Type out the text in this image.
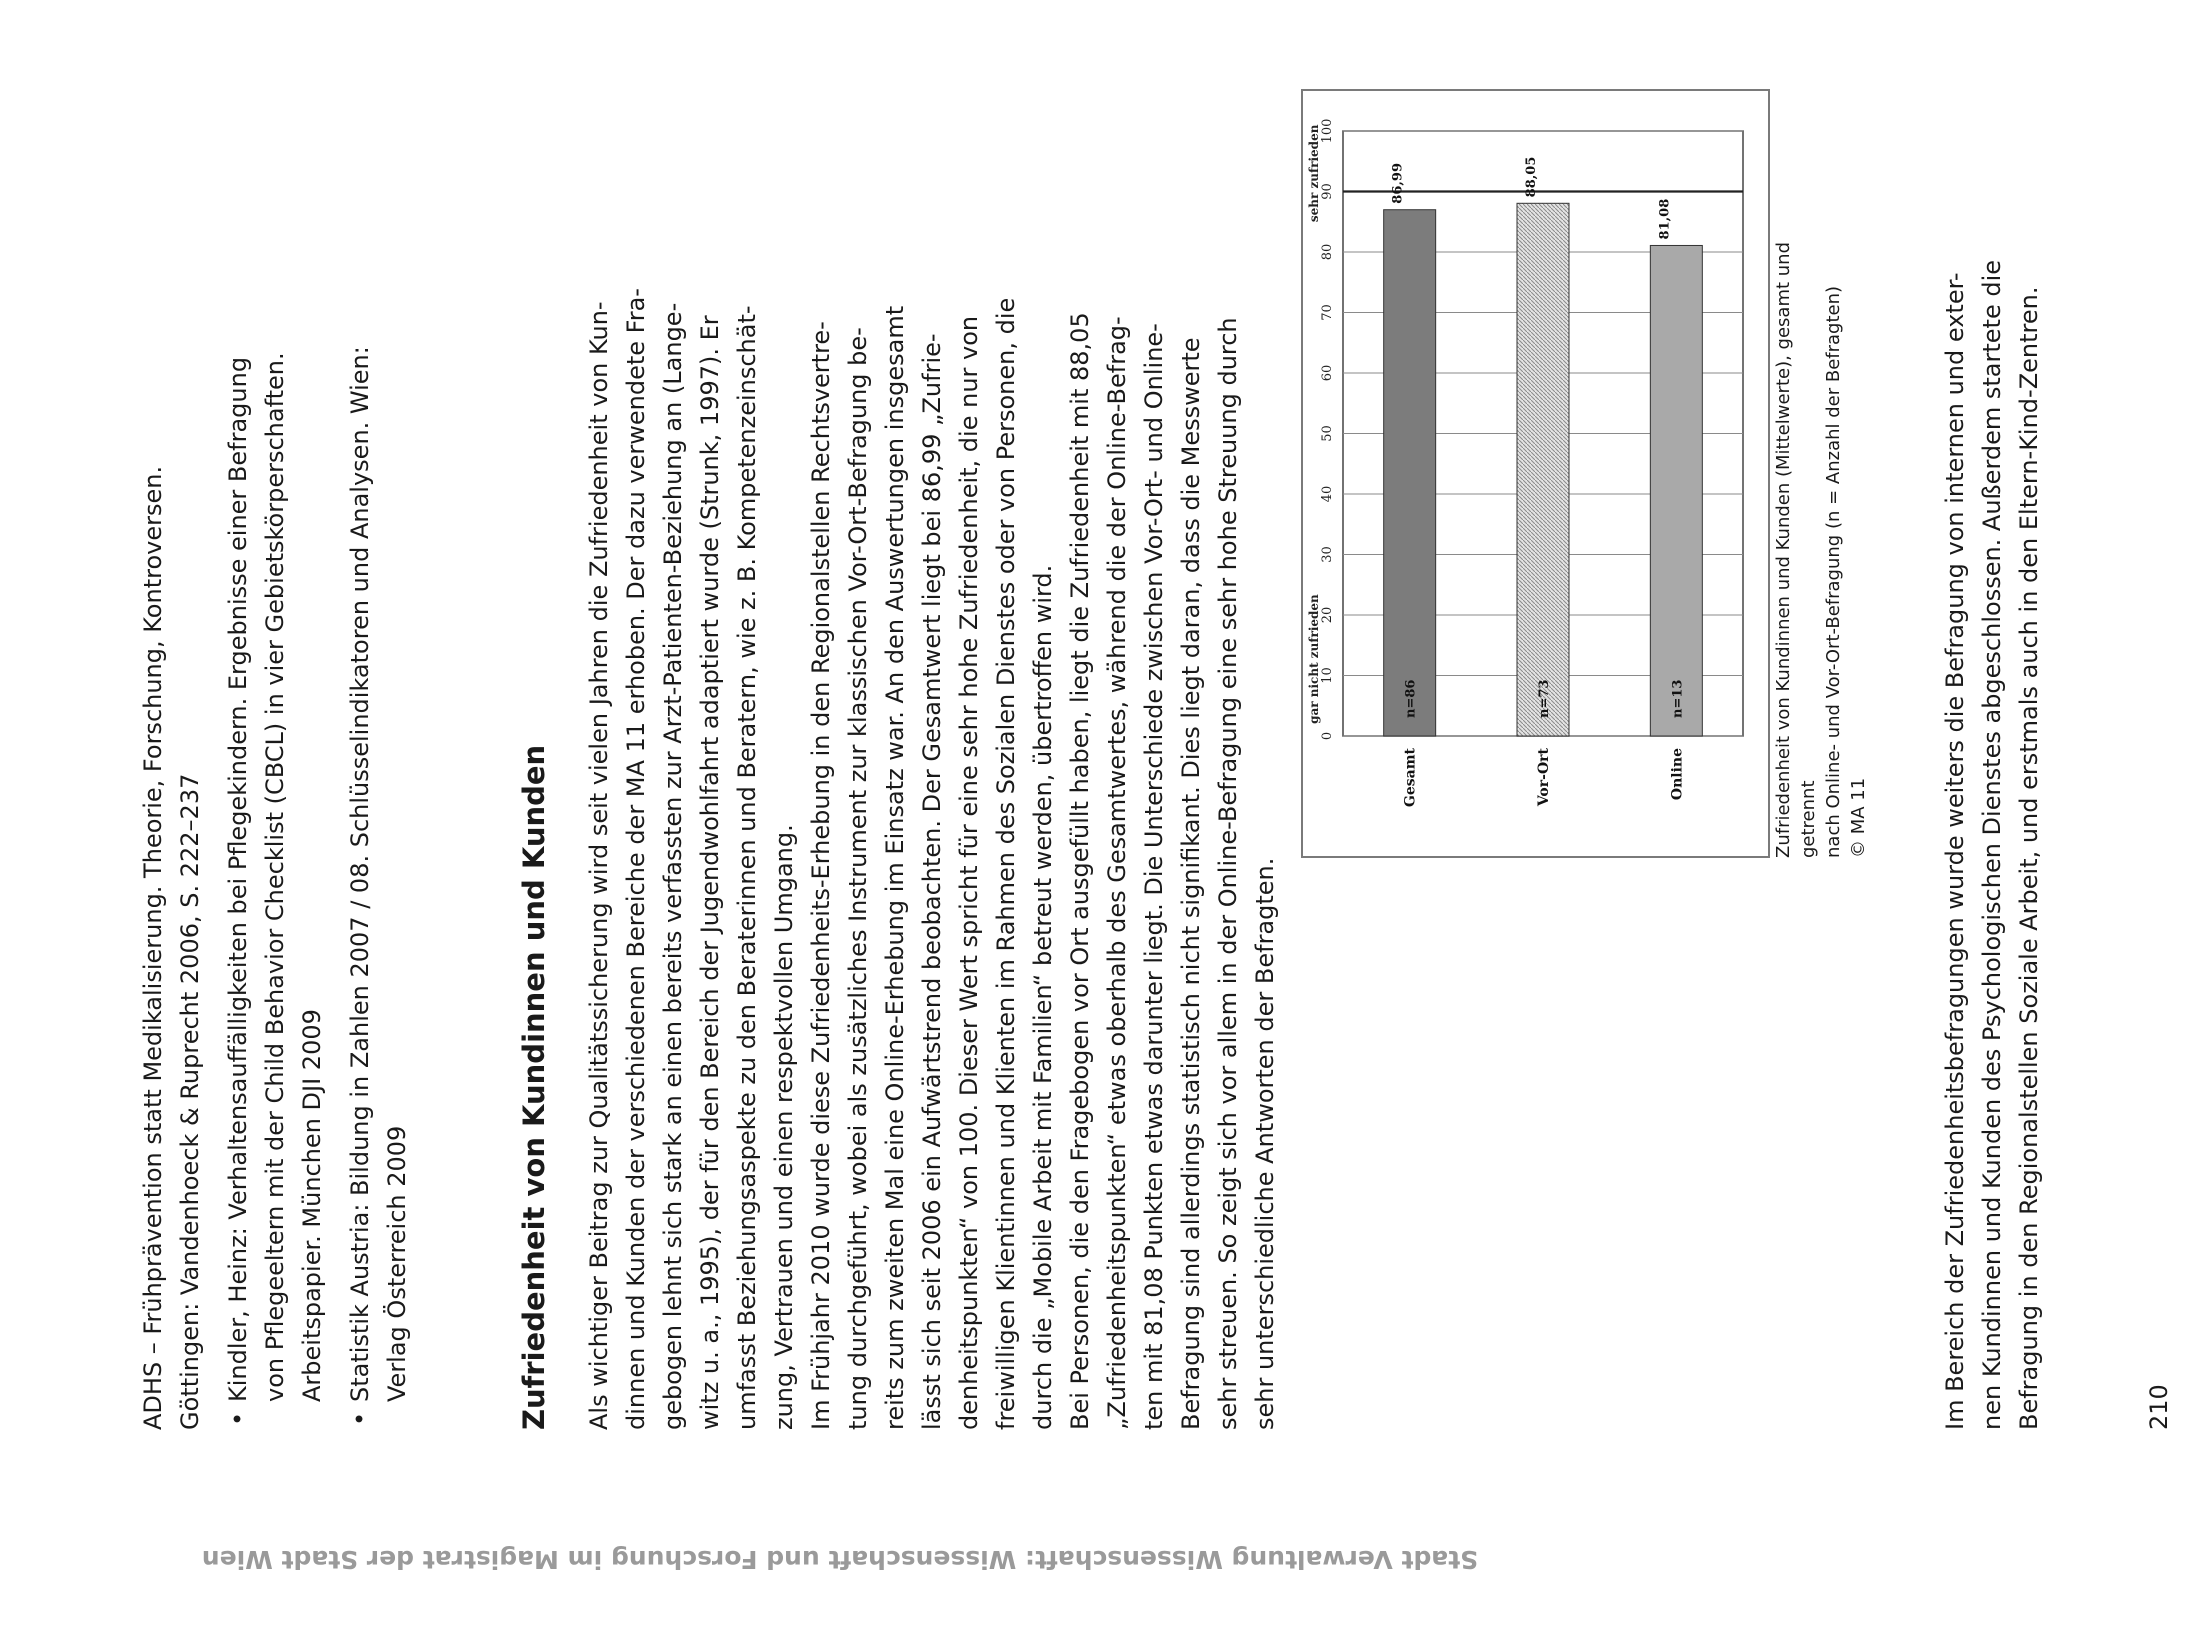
Stadt Verwaltung Wissenschaft: Wissenschaft und Forschung im Magistrat der Stadt Wien

ADHS – Frühprävention statt Medikalisierung. Theorie, Forschung, Kontroversen. Göttingen: Vandenhoeck & Ruprecht 2006, S. 222–237 •

Kindler, Heinz: Verhaltensauffälligkeiten bei Pflegekindern. Ergebnisse einer Befragung von Pflegeeltern mit der Child Behavior Checklist (CBCL) in vier Gebietskörperschaften. Arbeitspapier. München DJI 2009

•

Statistik Austria: Bildung in Zahlen 2007 / 08. Schlüsselindikatoren und Analysen. Wien: Verlag Österreich 2009	Zufriedenheit von Kundinnen und Kunden Als wichtiger Beitrag zur Qualitätssicherung wird seit vielen Jahren die Zufriedenheit von Kun- dinnen und Kunden der verschiedenen Bereiche der MA 11 erhoben. Der dazu verwendete Fra- gebogen lehnt sich stark an einen bereits verfassten zur Arzt-Patienten-Beziehung an (Lange- witz u. a., 1995), der für den Bereich der Jugendwohlfahrt adaptiert wurde (Strunk, 1997). Er umfasst Beziehungsaspekte zu den Beraterinnen und Beratern, wie z. B. Kompetenzeinschät- zung, Vertrauen und einen respektvollen Umgang. Im Frühjahr 2010 wurde diese Zufriedenheits-Erhebung in den Regionalstellen Rechtsvertre- tung durchgeführt, wobei als zusätzliches Instrument zur klassischen Vor-Ort-Befragung be- reits zum zweiten Mal eine Online-Erhebung im Einsatz war. An den Auswertungen insgesamt lässt sich seit 2006 ein Aufwärtstrend beobachten. Der Gesamtwert liegt bei 86,99 „Zufrie- denheitspunkten“ von 100. Dieser Wert spricht für eine sehr hohe Zufriedenheit, die nur von freiwilligen Klientinnen und Klienten im Rahmen des Sozialen Dienstes oder von Personen, die durch die „Mobile Arbeit mit Familien“ betreut werden, übertroffen wird. Bei Personen, die den Fragebogen vor Ort ausgefüllt haben, liegt die Zufriedenheit mit 88,05 „Zufriedenheitspunkten“ etwas oberhalb des Gesamtwertes, während die der Online-Befrag- ten mit 81,08 Punkten etwas darunter liegt. Die Unterschiede zwischen Vor-Ort- und Online- Befragung sind allerdings statistisch nicht signifikant. Dies liegt daran, dass die Messwerte sehr streuen. So zeigt sich vor allem in der Online-Befragung eine sehr hohe Streuung durch sehr unterschiedliche Antworten der Befragten.

0
10
20
30
40
50
60
70
80
90
100
gar nicht zufrieden
sehr zufrieden
Gesamt
86,99
n=86
Vor-Ort
88,05
n=73
Online
81,08
n=13	Zufriedenheit von Kundinnen und Kunden (Mittelwerte), gesamt und getrennt nach Online- und Vor-Ort-Befragung (n = Anzahl der Befragten) © MA 11	Im Bereich der Zufriedenheitsbefragungen wurde weiters die Befragung von internen und exter- nen Kundinnen und Kunden des Psychologischen Dienstes abgeschlossen. Außerdem startete die Befragung in den Regionalstellen Soziale Arbeit, und erstmals auch in den Eltern-Kind-Zentren.	210
